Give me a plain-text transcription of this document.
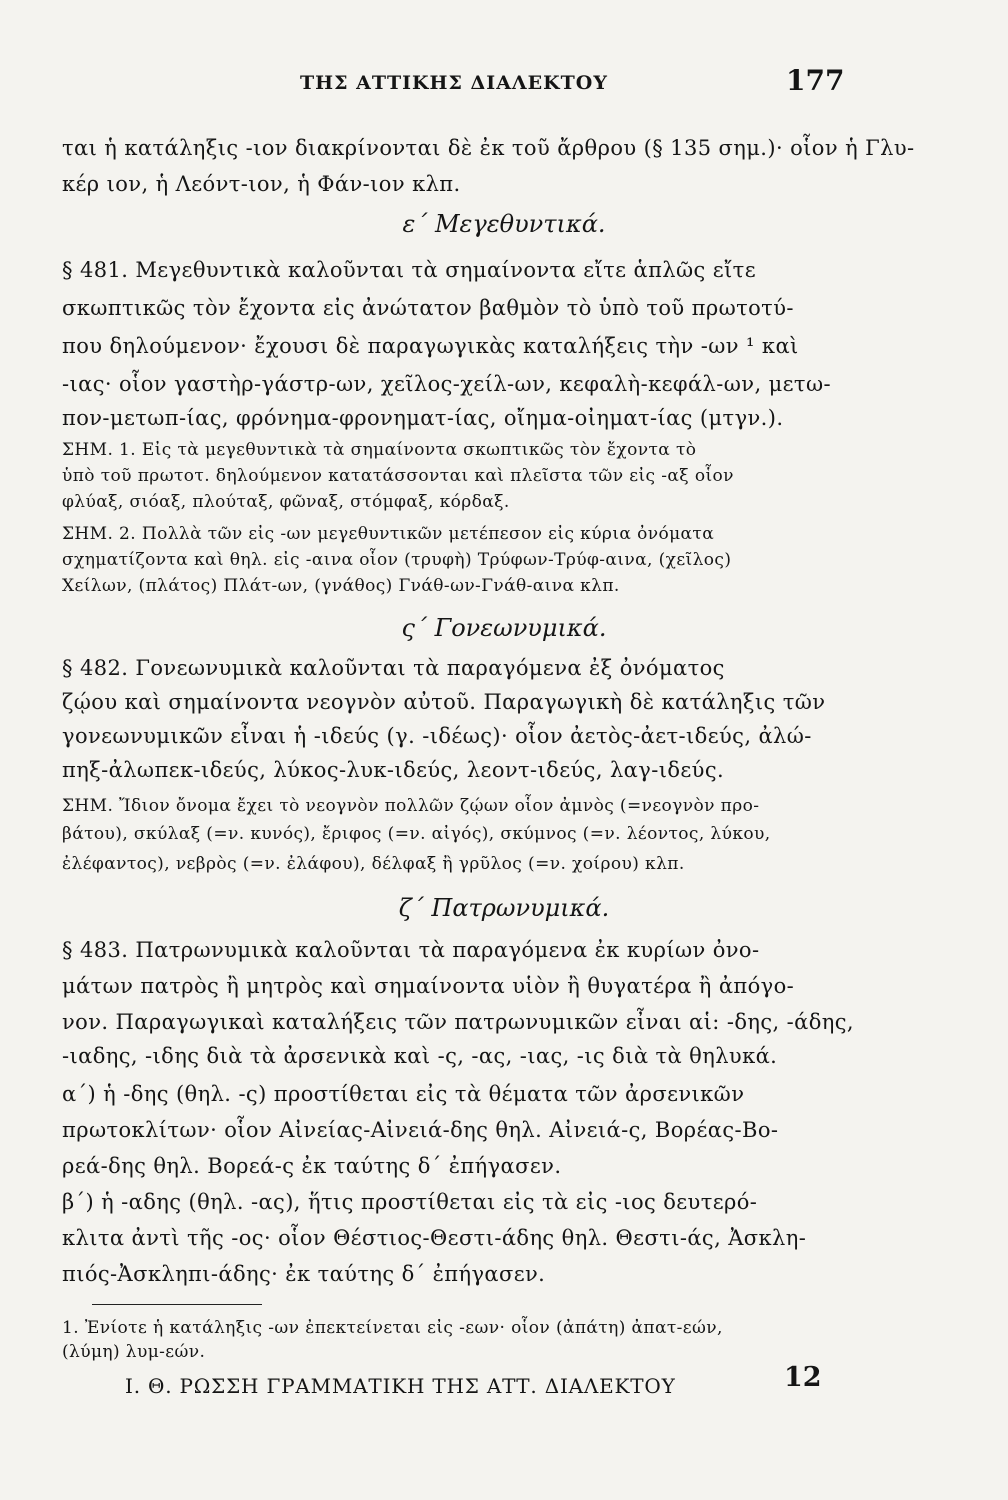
ΤΗΣ ΑΤΤΙΚΗΣ ΔΙΑΛΕΚΤΟΥ	177
ται ἡ κατάληξις -ιον διακρίνονται δὲ ἐκ τοῦ ἄρθρου (§ 135 σημ.)· οἷον ἡ Γλυ-
κέρ ιον, ἡ Λεόντ-ιον, ἡ Φάν-ιον κλπ.
ε΄ Μεγεθυντικά.
§ 481. Μεγεθυντικὰ καλοῦνται τὰ σημαίνοντα εἴτε ἁπλῶς εἴτε
σκωπτικῶς τὸν ἔχοντα εἰς ἀνώτατον βαθμὸν τὸ ὑπὸ τοῦ πρωτοτύ-
που δηλούμενον· ἔχουσι δὲ παραγωγικὰς καταλήξεις τὴν -ων ¹ καὶ
-ιας· οἷον γαστὴρ-γάστρ-ων, χεῖλος-χείλ-ων, κεφαλὴ-κεφάλ-ων, μετω-
πον-μετωπ-ίας, φρόνημα-φρονηματ-ίας, οἴημα-οἰηματ-ίας (μτγν.).
ΣΗΜ. 1. Εἰς τὰ μεγεθυντικὰ τὰ σημαίνοντα σκωπτικῶς τὸν ἔχοντα τὸ
ὑπὸ τοῦ πρωτοτ. δηλούμενον κατατάσσονται καὶ πλεῖστα τῶν εἰς -αξ οἷον
φλύαξ, σιόαξ, πλούταξ, φῶναξ, στόμφαξ, κόρδαξ.
ΣΗΜ. 2. Πολλὰ τῶν εἰς -ων μεγεθυντικῶν μετέπεσον εἰς κύρια ὀνόματα
σχηματίζοντα καὶ θηλ. εἰς -αινα οἷον (τρυφὴ) Τρύφων-Τρύφ-αινα, (χεῖλος)
Χείλων, (πλάτος) Πλάτ-ων, (γνάθος) Γνάθ-ων-Γνάθ-αινα κλπ.
ς΄ Γονεωνυμικά.
§ 482. Γονεωνυμικὰ καλοῦνται τὰ παραγόμενα ἐξ ὀνόματος
ζῴου καὶ σημαίνοντα νεογνὸν αὐτοῦ. Παραγωγικὴ δὲ κατάληξις τῶν
γονεωνυμικῶν εἶναι ἡ -ιδεύς (γ. -ιδέως)· οἷον ἀετὸς-ἀετ-ιδεύς, ἀλώ-
πηξ-ἀλωπεκ-ιδεύς, λύκος-λυκ-ιδεύς, λεοντ-ιδεύς, λαγ-ιδεύς.
ΣΗΜ. Ἴδιον ὄνομα ἔχει τὸ νεογνὸν πολλῶν ζῴων οἷον ἀμνὸς (=νεογνὸν προ-
βάτου), σκύλαξ (=ν. κυνός), ἔριφος (=ν. αἰγός), σκύμνος (=ν. λέοντος, λύκου,
ἐλέφαντος), νεβρὸς (=ν. ἐλάφου), δέλφαξ ἢ γρῦλος (=ν. χοίρου) κλπ.
ζ΄ Πατρωνυμικά.
§ 483. Πατρωνυμικὰ καλοῦνται τὰ παραγόμενα ἐκ κυρίων ὀνο-
μάτων πατρὸς ἢ μητρὸς καὶ σημαίνοντα υἱὸν ἢ θυγατέρα ἢ ἀπόγο-
νον. Παραγωγικαὶ καταλήξεις τῶν πατρωνυμικῶν εἶναι αἱ: -δης, -άδης,
-ιαδης, -ιδης διὰ τὰ ἀρσενικὰ καὶ -ς, -ας, -ιας, -ις διὰ τὰ θηλυκά.
α΄) ἡ -δης (θηλ. -ς) προστίθεται εἰς τὰ θέματα τῶν ἀρσενικῶν
πρωτοκλίτων· οἷον Αἰνείας-Αἰνειά-δης θηλ. Αἰνειά-ς, Βορέας-Βο-
ρεά-δης θηλ. Βορεά-ς ἐκ ταύτης δ΄ ἐπήγασεν.
β΄) ἡ -αδης (θηλ. -ας), ἥτις προστίθεται εἰς τὰ εἰς -ιος δευτερό-
κλιτα ἀντὶ τῆς -ος· οἷον Θέστιος-Θεστι-άδης θηλ. Θεστι-άς, Ἀσκλη-
πιός-Ἀσκληπι-άδης· ἐκ ταύτης δ΄ ἐπήγασεν.
1. Ἐνίοτε ἡ κατάληξις -ων ἐπεκτείνεται εἰς -εων· οἷον (ἀπάτη) ἀπατ-εών,
(λύμη) λυμ-εών.
Ι. Θ. ΡΩΣΣΗ ΓΡΑΜΜΑΤΙΚΗ ΤΗΣ ΑΤΤ. ΔΙΑΛΕΚΤΟΥ	12
